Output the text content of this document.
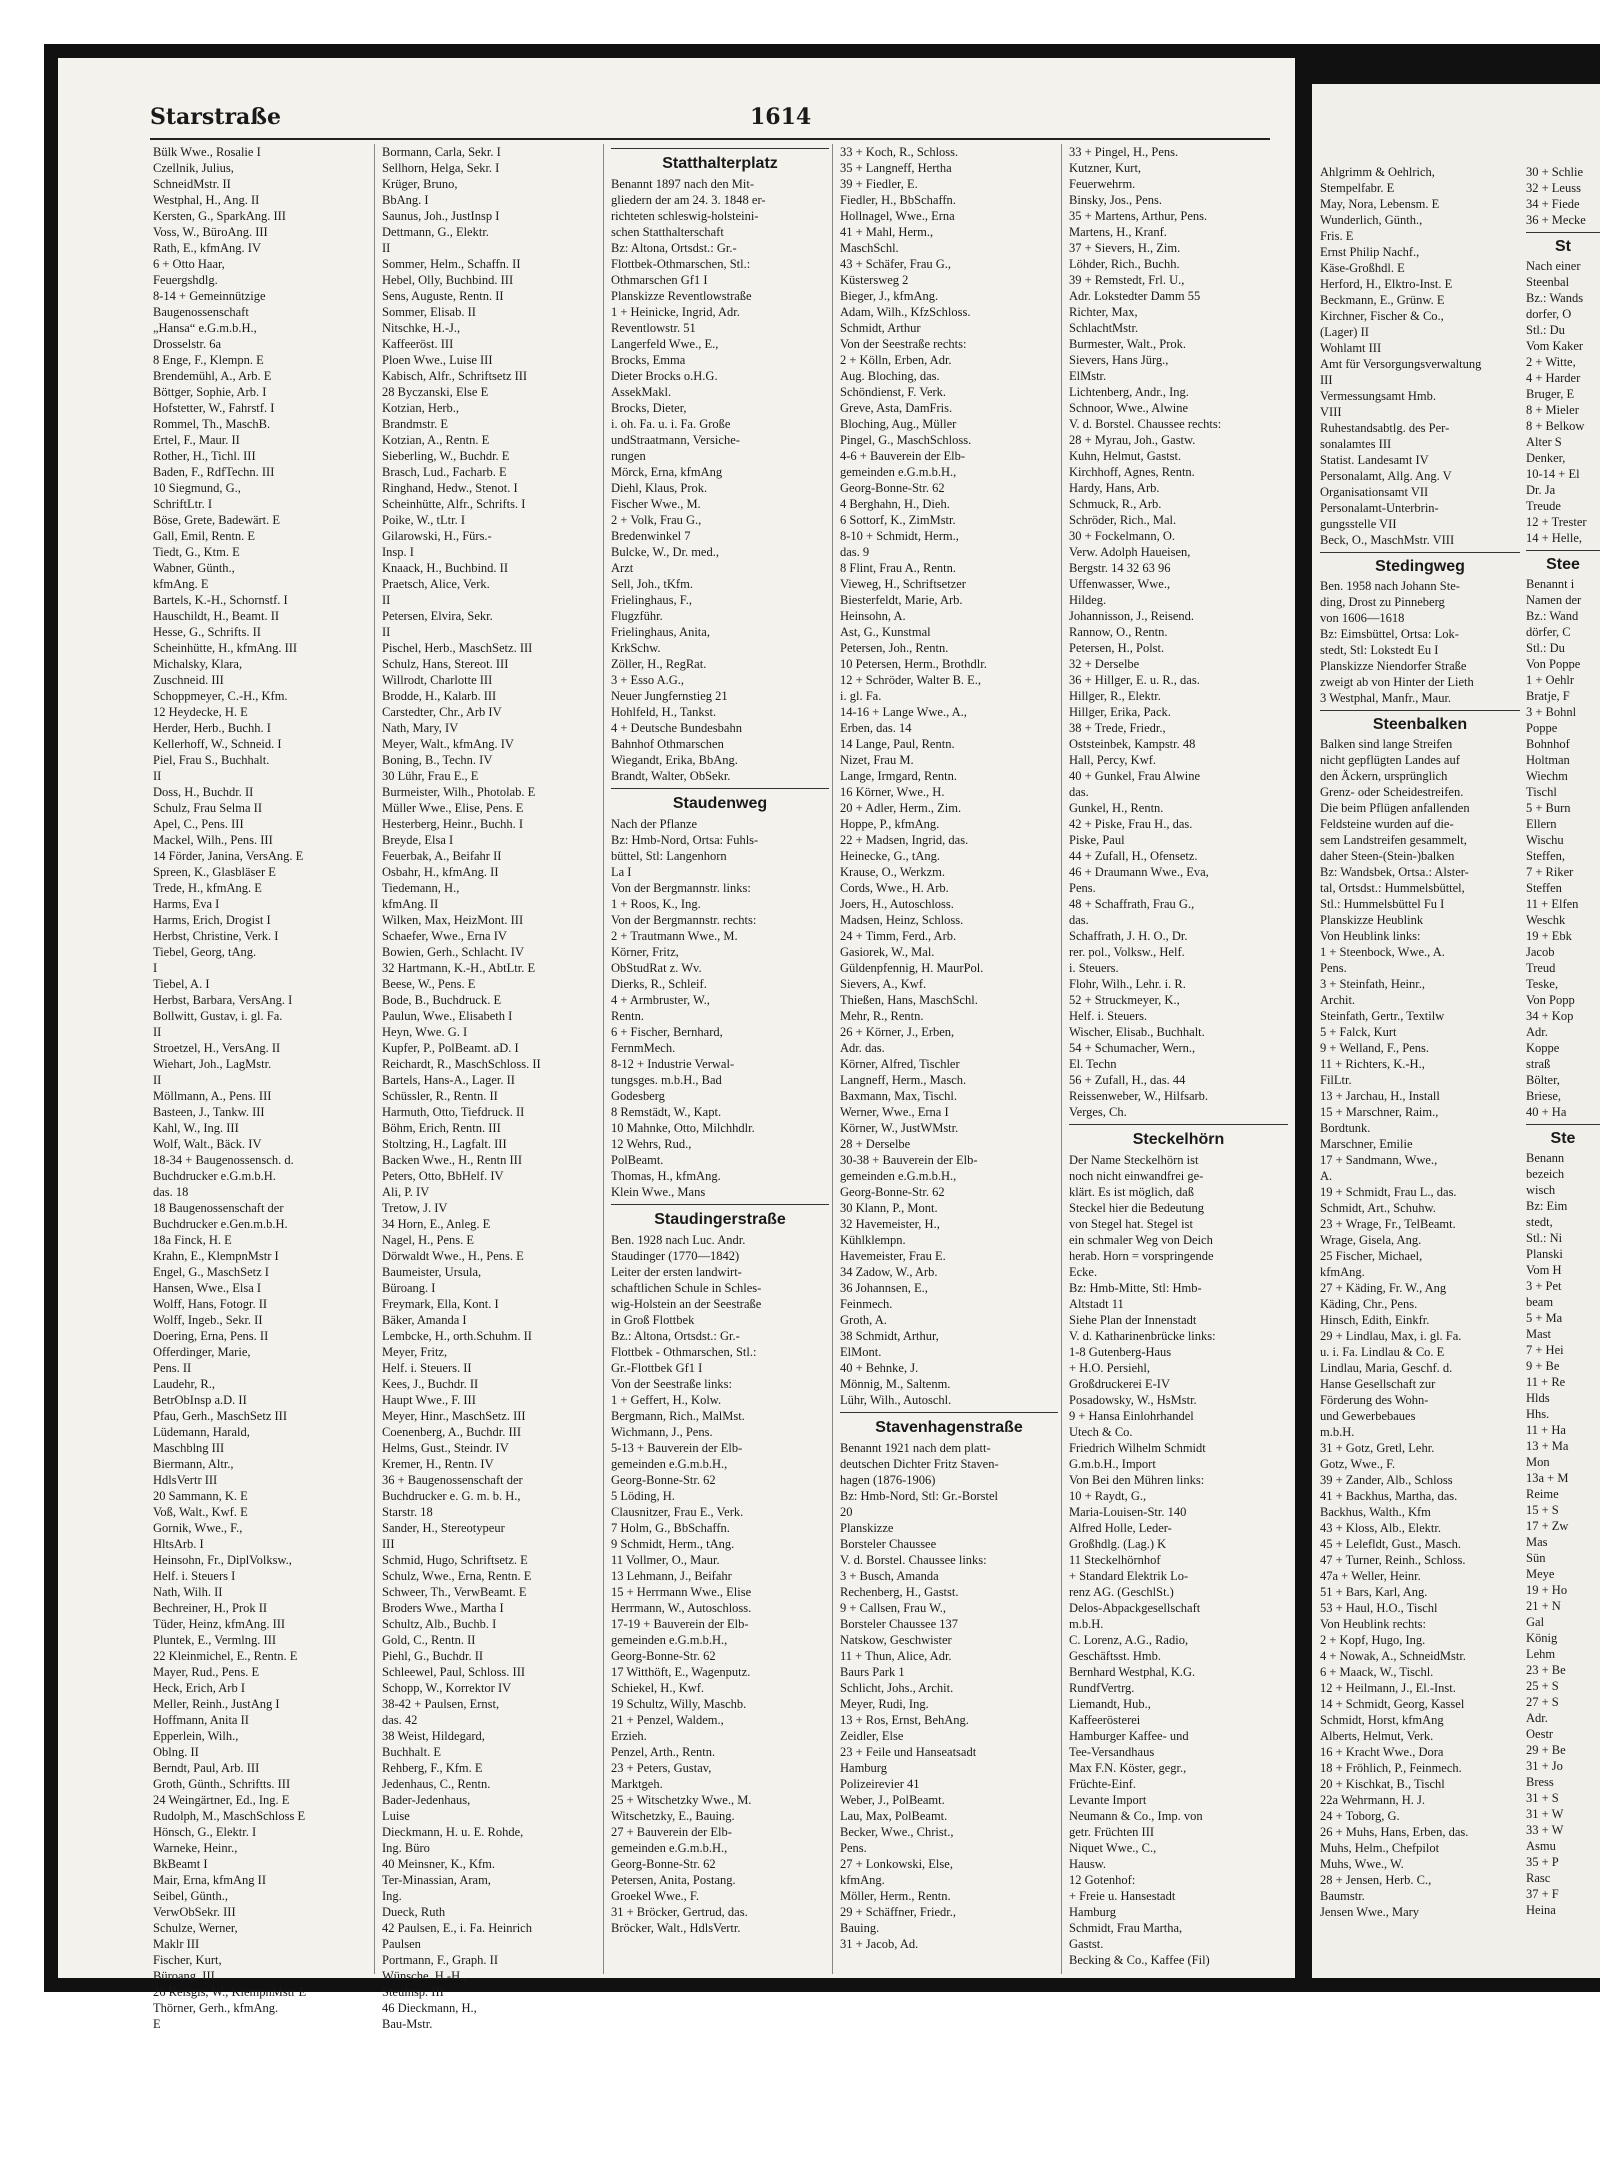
Starstraße	1614
Bülk Wwe., Rosalie I
Czellnik, Julius,
SchneidMstr. II
Westphal, H., Ang. II
Kersten, G., SparkAng. III
Voss, W., BüroAng. III
Rath, E., kfmAng. IV
6 + Otto Haar,
Feuergshdlg.
8-14 + Gemeinnützige
Baugenossenschaft
„Hansa“ e.G.m.b.H.,
Drosselstr. 6a
8 Enge, F., Klempn. E
Brendemühl, A., Arb. E
Böttger, Sophie, Arb. I
Hofstetter, W., Fahrstf. I
Rommel, Th., MaschB.
Ertel, F., Maur. II
Rother, H., Tichl. III
Baden, F., RdfTechn. III
10 Siegmund, G.,
SchriftLtr. I
Böse, Grete, Badewärt. E
Gall, Emil, Rentn. E
Tiedt, G., Ktm. E
Wabner, Günth.,
kfmAng. E
Bartels, K.-H., Schornstf. I
Hauschildt, H., Beamt. II
Hesse, G., Schrifts. II
Scheinhütte, H., kfmAng. III
Michalsky, Klara,
Zuschneid. III
Schoppmeyer, C.-H., Kfm.
12 Heydecke, H. E
Herder, Herb., Buchh. I
Kellerhoff, W., Schneid. I
Piel, Frau S., Buchhalt.
II
Doss, H., Buchdr. II
Schulz, Frau Selma II
Apel, C., Pens. III
Mackel, Wilh., Pens. III
14 Förder, Janina, VersAng. E
Spreen, K., Glasbläser E
Trede, H., kfmAng. E
Harms, Eva I
Harms, Erich, Drogist I
Herbst, Christine, Verk. I
Tiebel, Georg, tAng.
I
Tiebel, A. I
Herbst, Barbara, VersAng. I
Bollwitt, Gustav, i. gl. Fa.
II
Stroetzel, H., VersAng. II
Wiehart, Joh., LagMstr.
II
Möllmann, A., Pens. III
Basteen, J., Tankw. III
Kahl, W., Ing. III
Wolf, Walt., Bäck. IV
18-34 + Baugenossensch. d.
Buchdrucker e.G.m.b.H.
das. 18
18 Baugenossenschaft der
Buchdrucker e.Gen.m.b.H.
18a Finck, H. E
Krahn, E., KlempnMstr I
Engel, G., MaschSetz I
Hansen, Wwe., Elsa I
Wolff, Hans, Fotogr. II
Wolff, Ingeb., Sekr. II
Doering, Erna, Pens. II
Offerdinger, Marie,
Pens. II
Laudehr, R.,
BetrObInsp a.D. II
Pfau, Gerh., MaschSetz III
Lüdemann, Harald,
Maschblng III
Biermann, Altr.,
HdlsVertr III
20 Sammann, K. E
Voß, Walt., Kwf. E
Gornik, Wwe., F.,
HltsArb. I
Heinsohn, Fr., DiplVolksw.,
Helf. i. Steuers I
Nath, Wilh. II
Bechreiner, H., Prok II
Tüder, Heinz, kfmAng. III
Pluntek, E., Vermlng. III
22 Kleinmichel, E., Rentn. E
Mayer, Rud., Pens. E
Heck, Erich, Arb I
Meller, Reinh., JustAng I
Hoffmann, Anita II
Epperlein, Wilh.,
Oblng. II
Berndt, Paul, Arb. III
Groth, Günth., Schriftts. III
24 Weingärtner, Ed., Ing. E
Rudolph, M., MaschSchloss E
Hönsch, G., Elektr. I
Warneke, Heinr.,
BkBeamt I
Mair, Erna, kfmAng II
Seibel, Günth.,
VerwObSekr. III
Schulze, Werner,
Maklr III
Fischer, Kurt,
Büroang. III
26 Reisgis, W., KlempnMstr E
Thörner, Gerh., kfmAng.
E
Bormann, Carla, Sekr. I
Sellhorn, Helga, Sekr. I
Krüger, Bruno,
BbAng. I
Saunus, Joh., JustInsp I
Dettmann, G., Elektr.
II
Sommer, Helm., Schaffn. II
Hebel, Olly, Buchbind. III
Sens, Auguste, Rentn. II
Sommer, Elisab. II
Nitschke, H.-J.,
Kaffeeröst. III
Ploen Wwe., Luise III
Kabisch, Alfr., Schriftsetz III
28 Byczanski, Else E
Kotzian, Herb.,
Brandmstr. E
Kotzian, A., Rentn. E
Sieberling, W., Buchdr. E
Brasch, Lud., Facharb. E
Ringhand, Hedw., Stenot. I
Scheinhütte, Alfr., Schrifts. I
Poike, W., tLtr. I
Gilarowski, H., Fürs.-
Insp. I
Knaack, H., Buchbind. II
Praetsch, Alice, Verk.
II
Petersen, Elvira, Sekr.
II
Pischel, Herb., MaschSetz. III
Schulz, Hans, Stereot. III
Willrodt, Charlotte III
Brodde, H., Kalarb. III
Carstedter, Chr., Arb IV
Nath, Mary, IV
Meyer, Walt., kfmAng. IV
Boning, B., Techn. IV
30 Lühr, Frau E., E
Burmeister, Wilh., Photolab. E
Müller Wwe., Elise, Pens. E
Hesterberg, Heinr., Buchh. I
Breyde, Elsa I
Feuerbak, A., Beifahr II
Osbahr, H., kfmAng. II
Tiedemann, H.,
kfmAng. II
Wilken, Max, HeizMont. III
Schaefer, Wwe., Erna IV
Bowien, Gerh., Schlacht. IV
32 Hartmann, K.-H., AbtLtr. E
Beese, W., Pens. E
Bode, B., Buchdruck. E
Paulun, Wwe., Elisabeth I
Heyn, Wwe. G. I
Kupfer, P., PolBeamt. aD. I
Reichardt, R., MaschSchloss. II
Bartels, Hans-A., Lager. II
Schüssler, R., Rentn. II
Harmuth, Otto, Tiefdruck. II
Böhm, Erich, Rentn. III
Stoltzing, H., Lagfalt. III
Backen Wwe., H., Rentn III
Peters, Otto, BbHelf. IV
Ali, P. IV
Tretow, J. IV
34 Horn, E., Anleg. E
Nagel, H., Pens. E
Dörwaldt Wwe., H., Pens. E
Baumeister, Ursula,
Büroang. I
Freymark, Ella, Kont. I
Bäker, Amanda I
Lembcke, H., orth.Schuhm. II
Meyer, Fritz,
Helf. i. Steuers. II
Kees, J., Buchdr. II
Haupt Wwe., F. III
Meyer, Hinr., MaschSetz. III
Coenenberg, A., Buchdr. III
Helms, Gust., Steindr. IV
Kremer, H., Rentn. IV
36 + Baugenossenschaft der
Buchdrucker e. G. m. b. H.,
Starstr. 18
Sander, H., Stereotypeur
III
Schmid, Hugo, Schriftsetz. E
Schulz, Wwe., Erna, Rentn. E
Schweer, Th., VerwBeamt. E
Broders Wwe., Martha I
Schultz, Alb., Buchb. I
Gold, C., Rentn. II
Piehl, G., Buchdr. II
Schleewel, Paul, Schloss. III
Schopp, W., Korrektor IV
38-42 + Paulsen, Ernst,
das. 42
38 Weist, Hildegard,
Buchhalt. E
Rehberg, F., Kfm. E
Jedenhaus, C., Rentn.
Bader-Jedenhaus,
Luise
Dieckmann, H. u. E. Rohde,
Ing. Büro
40 Meinsner, K., Kfm.
Ter-Minassian, Aram,
Ing.
Dueck, Ruth
42 Paulsen, E., i. Fa. Heinrich
Paulsen
Portmann, F., Graph. II
Wünsche, H.-H.,
Steulnsp. III
46 Dieckmann, H.,
Bau-Mstr.
Statthalterplatz
Benannt 1897 nach den Mit-
gliedern der am 24. 3. 1848 er-
richteten schleswig-holsteini-
schen Statthalterschaft
Bz: Altona, Ortsdst.: Gr.-
Flottbek-Othmarschen, Stl.:
Othmarschen Gf1 I
Planskizze Reventlowstraße
1 + Heinicke, Ingrid, Adr.
Reventlowstr. 51
Langerfeld Wwe., E.,
Brocks, Emma
Dieter Brocks o.H.G.
AssekMakl.
Brocks, Dieter,
i. oh. Fa. u. i. Fa. Große
undStraatmann, Versiche-
rungen
Mörck, Erna, kfmAng
Diehl, Klaus, Prok.
Fischer Wwe., M.
2 + Volk, Frau G.,
Bredenwinkel 7
Bulcke, W., Dr. med.,
Arzt
Sell, Joh., tKfm.
Frielinghaus, F.,
Flugzführ.
Frielinghaus, Anita,
KrkSchw.
Zöller, H., RegRat.
3 + Esso A.G.,
Neuer Jungfernstieg 21
Hohlfeld, H., Tankst.
4 + Deutsche Bundesbahn
Bahnhof Othmarschen
Wiegandt, Erika, BbAng.
Brandt, Walter, ObSekr.
Staudenweg
Nach der Pflanze
Bz: Hmb-Nord, Ortsa: Fuhls-
büttel, Stl: Langenhorn
La I
Von der Bergmannstr. links:
1 + Roos, K., Ing.
Von der Bergmannstr. rechts:
2 + Trautmann Wwe., M.
Körner, Fritz,
ObStudRat z. Wv.
Dierks, R., Schleif.
4 + Armbruster, W.,
Rentn.
6 + Fischer, Bernhard,
FernmMech.
8-12 + Industrie Verwal-
tungsges. m.b.H., Bad
Godesberg
8 Remstädt, W., Kapt.
10 Mahnke, Otto, Milchhdlr.
12 Wehrs, Rud.,
PolBeamt.
Thomas, H., kfmAng.
Klein Wwe., Mans
Staudingerstraße
Ben. 1928 nach Luc. Andr.
Staudinger (1770—1842)
Leiter der ersten landwirt-
schaftlichen Schule in Schles-
wig-Holstein an der Seestraße
in Groß Flottbek
Bz.: Altona, Ortsdst.: Gr.-
Flottbek - Othmarschen, Stl.:
Gr.-Flottbek Gf1 I
Von der Seestraße links:
1 + Geffert, H., Kolw.
Bergmann, Rich., MalMst.
Wichmann, J., Pens.
5-13 + Bauverein der Elb-
gemeinden e.G.m.b.H.,
Georg-Bonne-Str. 62
5 Löding, H.
Clausnitzer, Frau E., Verk.
7 Holm, G., BbSchaffn.
9 Schmidt, Herm., tAng.
11 Vollmer, O., Maur.
13 Lehmann, J., Beifahr
15 + Herrmann Wwe., Elise
Herrmann, W., Autoschloss.
17-19 + Bauverein der Elb-
gemeinden e.G.m.b.H.,
Georg-Bonne-Str. 62
17 Witthöft, E., Wagenputz.
Schiekel, H., Kwf.
19 Schultz, Willy, Maschb.
21 + Penzel, Waldem.,
Erzieh.
Penzel, Arth., Rentn.
23 + Peters, Gustav,
Marktgeh.
25 + Witschetzky Wwe., M.
Witschetzky, E., Bauing.
27 + Bauverein der Elb-
gemeinden e.G.m.b.H.,
Georg-Bonne-Str. 62
Petersen, Anita, Postang.
Groekel Wwe., F.
31 + Bröcker, Gertrud, das.
Bröcker, Walt., HdlsVertr.
33 + Koch, R., Schloss.
35 + Langneff, Hertha
39 + Fiedler, E.
Fiedler, H., BbSchaffn.
Hollnagel, Wwe., Erna
41 + Mahl, Herm.,
MaschSchl.
43 + Schäfer, Frau G.,
Küstersweg 2
Bieger, J., kfmAng.
Adam, Wilh., KfzSchloss.
Schmidt, Arthur
Von der Seestraße rechts:
2 + Kölln, Erben, Adr.
Aug. Bloching, das.
Schöndienst, F. Verk.
Greve, Asta, DamFris.
Bloching, Aug., Müller
Pingel, G., MaschSchloss.
4-6 + Bauverein der Elb-
gemeinden e.G.m.b.H.,
Georg-Bonne-Str. 62
4 Berghahn, H., Dieh.
6 Sottorf, K., ZimMstr.
8-10 + Schmidt, Herm.,
das. 9
8 Flint, Frau A., Rentn.
Vieweg, H., Schriftsetzer
Biesterfeldt, Marie, Arb.
Heinsohn, A.
Ast, G., Kunstmal
Petersen, Joh., Rentn.
10 Petersen, Herm., Brothdlr.
12 + Schröder, Walter B. E.,
i. gl. Fa.
14-16 + Lange Wwe., A.,
Erben, das. 14
14 Lange, Paul, Rentn.
Nizet, Frau M.
Lange, Irmgard, Rentn.
16 Körner, Wwe., H.
20 + Adler, Herm., Zim.
Hoppe, P., kfmAng.
22 + Madsen, Ingrid, das.
Heinecke, G., tAng.
Krause, O., Werkzm.
Cords, Wwe., H. Arb.
Joers, H., Autoschloss.
Madsen, Heinz, Schloss.
24 + Timm, Ferd., Arb.
Gasiorek, W., Mal.
Güldenpfennig, H. MaurPol.
Sievers, A., Kwf.
Thießen, Hans, MaschSchl.
Mehr, R., Rentn.
26 + Körner, J., Erben,
Adr. das.
Körner, Alfred, Tischler
Langneff, Herm., Masch.
Baxmann, Max, Tischl.
Werner, Wwe., Erna I
Körner, W., JustWMstr.
28 + Derselbe
30-38 + Bauverein der Elb-
gemeinden e.G.m.b.H.,
Georg-Bonne-Str. 62
30 Klann, P., Mont.
32 Havemeister, H.,
Kühlklempn.
Havemeister, Frau E.
34 Zadow, W., Arb.
36 Johannsen, E.,
Feinmech.
Groth, A.
38 Schmidt, Arthur,
ElMont.
40 + Behnke, J.
Mönnig, M., Saltenm.
Lühr, Wilh., Autoschl.
Stavenhagenstraße
Benannt 1921 nach dem platt-
deutschen Dichter Fritz Staven-
hagen (1876-1906)
Bz: Hmb-Nord, Stl: Gr.-Borstel
20
Planskizze
Borsteler Chaussee
V. d. Borstel. Chaussee links:
3 + Busch, Amanda
Rechenberg, H., Gastst.
9 + Callsen, Frau W.,
Borsteler Chaussee 137
Natskow, Geschwister
11 + Thun, Alice, Adr.
Baurs Park 1
Schlicht, Johs., Archit.
Meyer, Rudi, Ing.
13 + Ros, Ernst, BehAng.
Zeidler, Else
23 + Feile und Hanseatsadt
Hamburg
Polizeirevier 41
Weber, J., PolBeamt.
Lau, Max, PolBeamt.
Becker, Wwe., Christ.,
Pens.
27 + Lonkowski, Else,
kfmAng.
Möller, Herm., Rentn.
29 + Schäffner, Friedr.,
Bauing.
31 + Jacob, Ad.
33 + Pingel, H., Pens.
Kutzner, Kurt,
Feuerwehrm.
Binsky, Jos., Pens.
35 + Martens, Arthur, Pens.
Martens, H., Kranf.
37 + Sievers, H., Zim.
Löhder, Rich., Buchh.
39 + Remstedt, Frl. U.,
Adr. Lokstedter Damm 55
Richter, Max,
SchlachtMstr.
Burmester, Walt., Prok.
Sievers, Hans Jürg.,
ElMstr.
Lichtenberg, Andr., Ing.
Schnoor, Wwe., Alwine
V. d. Borstel. Chaussee rechts:
28 + Myrau, Joh., Gastw.
Kuhn, Helmut, Gastst.
Kirchhoff, Agnes, Rentn.
Hardy, Hans, Arb.
Schmuck, R., Arb.
Schröder, Rich., Mal.
30 + Fockelmann, O.
Verw. Adolph Haueisen,
Bergstr. 14 32 63 96
Uffenwasser, Wwe.,
Hildeg.
Johannisson, J., Reisend.
Rannow, O., Rentn.
Petersen, H., Polst.
32 + Derselbe
36 + Hillger, E. u. R., das.
Hillger, R., Elektr.
Hillger, Erika, Pack.
38 + Trede, Friedr.,
Oststeinbek, Kampstr. 48
Hall, Percy, Kwf.
40 + Gunkel, Frau Alwine
das.
Gunkel, H., Rentn.
42 + Piske, Frau H., das.
Piske, Paul
44 + Zufall, H., Ofensetz.
46 + Draumann Wwe., Eva,
Pens.
48 + Schaffrath, Frau G.,
das.
Schaffrath, J. H. O., Dr.
rer. pol., Volksw., Helf.
i. Steuers.
Flohr, Wilh., Lehr. i. R.
52 + Struckmeyer, K.,
Helf. i. Steuers.
Wischer, Elisab., Buchhalt.
54 + Schumacher, Wern.,
El. Techn
56 + Zufall, H., das. 44
Reissenweber, W., Hilfsarb.
Verges, Ch.
Steckelhörn
Der Name Steckelhörn ist
noch nicht einwandfrei ge-
klärt. Es ist möglich, daß
Steckel hier die Bedeutung
von Stegel hat. Stegel ist
ein schmaler Weg von Deich
herab. Horn = vorspringende
Ecke.
Bz: Hmb-Mitte, Stl: Hmb-
Altstadt 11
Siehe Plan der Innenstadt
V. d. Katharinenbrücke links:
1-8 Gutenberg-Haus
+ H.O. Persiehl,
Großdruckerei E-IV
Posadowsky, W., HsMstr.
9 + Hansa Einlohrhandel
Utech & Co.
Friedrich Wilhelm Schmidt
G.m.b.H., Import
Von Bei den Mühren links:
10 + Raydt, G.,
Maria-Louisen-Str. 140
Alfred Holle, Leder-
Großhdlg. (Lag.) K
11 Steckelhörnhof
+ Standard Elektrik Lo-
renz AG. (GeschlSt.)
Delos-Abpackgesellschaft
m.b.H.
C. Lorenz, A.G., Radio,
Geschäftsst. Hmb.
Bernhard Westphal, K.G.
RundfVertrg.
Liemandt, Hub.,
Kaffeerösterei
Hamburger Kaffee- und
Tee-Versandhaus
Max F.N. Köster, gegr.,
Früchte-Einf.
Levante Import
Neumann & Co., Imp. von
getr. Früchten III
Niquet Wwe., C.,
Hausw.
12 Gotenhof:
+ Freie u. Hansestadt
Hamburg
Schmidt, Frau Martha,
Gastst.
Becking & Co., Kaffee (Fil)
Ahlgrimm & Oehlrich,
Stempelfabr. E
May, Nora, Lebensm. E
Wunderlich, Günth.,
Fris. E
Ernst Philip Nachf.,
Käse-Großhdl. E
Herford, H., Elktro-Inst. E
Beckmann, E., Grünw. E
Kirchner, Fischer & Co.,
(Lager) II
Wohlamt III
Amt für Versorgungsverwaltung
III
Vermessungsamt Hmb.
VIII
Ruhestandsabtlg. des Per-
sonalamtes III
Statist. Landesamt IV
Personalamt, Allg. Ang. V
Organisationsamt VII
Personalamt-Unterbrin-
gungsstelle VII
Beck, O., MaschMstr. VIII
Stedingweg
Ben. 1958 nach Johann Ste-
ding, Drost zu Pinneberg
von 1606—1618
Bz: Eimsbüttel, Ortsa: Lok-
stedt, Stl: Lokstedt Eu I
Planskizze Niendorfer Straße
zweigt ab von Hinter der Lieth
3 Westphal, Manfr., Maur.
Steenbalken
Balken sind lange Streifen
nicht gepflügten Landes auf
den Äckern, ursprünglich
Grenz- oder Scheidestreifen.
Die beim Pflügen anfallenden
Feldsteine wurden auf die-
sem Landstreifen gesammelt,
daher Steen-(Stein-)balken
Bz: Wandsbek, Ortsa.: Alster-
tal, Ortsdst.: Hummelsbüttel,
Stl.: Hummelsbüttel Fu I
Planskizze Heublink
Von Heublink links:
1 + Steenbock, Wwe., A.
Pens.
3 + Steinfath, Heinr.,
Archit.
Steinfath, Gertr., Textilw
5 + Falck, Kurt
9 + Welland, F., Pens.
11 + Richters, K.-H.,
FilLtr.
13 + Jarchau, H., Install
15 + Marschner, Raim.,
Bordtunk.
Marschner, Emilie
17 + Sandmann, Wwe.,
A.
19 + Schmidt, Frau L., das.
Schmidt, Art., Schuhw.
23 + Wrage, Fr., TelBeamt.
Wrage, Gisela, Ang.
25 Fischer, Michael,
kfmAng.
27 + Käding, Fr. W., Ang
Käding, Chr., Pens.
Hinsch, Edith, Einkfr.
29 + Lindlau, Max, i. gl. Fa.
u. i. Fa. Lindlau & Co. E
Lindlau, Maria, Geschf. d.
Hanse Gesellschaft zur
Förderung des Wohn-
und Gewerbebaues
m.b.H.
31 + Gotz, Gretl, Lehr.
Gotz, Wwe., F.
39 + Zander, Alb., Schloss
41 + Backhus, Martha, das.
Backhus, Walth., Kfm
43 + Kloss, Alb., Elektr.
45 + Lelefldt, Gust., Masch.
47 + Turner, Reinh., Schloss.
47a + Weller, Heinr.
51 + Bars, Karl, Ang.
53 + Haul, H.O., Tischl
Von Heublink rechts:
2 + Kopf, Hugo, Ing.
4 + Nowak, A., SchneidMstr.
6 + Maack, W., Tischl.
12 + Heilmann, J., El.-Inst.
14 + Schmidt, Georg, Kassel
Schmidt, Horst, kfmAng
Alberts, Helmut, Verk.
16 + Kracht Wwe., Dora
18 + Fröhlich, P., Feinmech.
20 + Kischkat, B., Tischl
22a Wehrmann, H. J.
24 + Toborg, G.
26 + Muhs, Hans, Erben, das.
Muhs, Helm., Chefpilot
Muhs, Wwe., W.
28 + Jensen, Herb. C.,
Baumstr.
Jensen Wwe., Mary
30 + Schlie
32 + Leuss
34 + Fiede
36 + Mecke
St
Nach einer
Steenbal
Bz.: Wands
dorfer, O
Stl.: Du
Vom Kaker
2 + Witte,
4 + Harder
Bruger, E
8 + Mieler
8 + Belkow
Alter S
Denker,
10-14 + El
Dr. Ja
Treude
12 + Trester
14 + Helle,
Stee
Benannt i
Namen der
Bz.: Wand
dörfer, C
Stl.: Du
Von Poppe
1 + Oehlr
Bratje, F
3 + Bohnl
Poppe
Bohnhof
Holtman
Wiechm
Tischl
5 + Burn
Ellern
Wischu
Steffen,
7 + Riker
Steffen
11 + Elfen
Weschk
19 + Ebk
Jacob
Treud
Teske,
Von Popp
34 + Kop
Adr.
Koppe
straß
Bölter,
Briese,
40 + Ha
Ste
Benann
bezeich
wisch
Bz: Eim
stedt,
Stl.: Ni
Planski
Vom H
3 + Pet
beam
5 + Ma
Mast
7 + Hei
9 + Be
11 + Re
Hlds
Hhs.
11 + Ha
13 + Ma
Mon
13a + M
Reime
15 + S
17 + Zw
Mas
Sün
Meye
19 + Ho
21 + N
Gal
König
Lehm
23 + Be
25 + S
27 + S
Adr.
Oestr
29 + Be
31 + Jo
Bress
31 + S
31 + W
33 + W
Asmu
35 + P
Rasc
37 + F
Heina
